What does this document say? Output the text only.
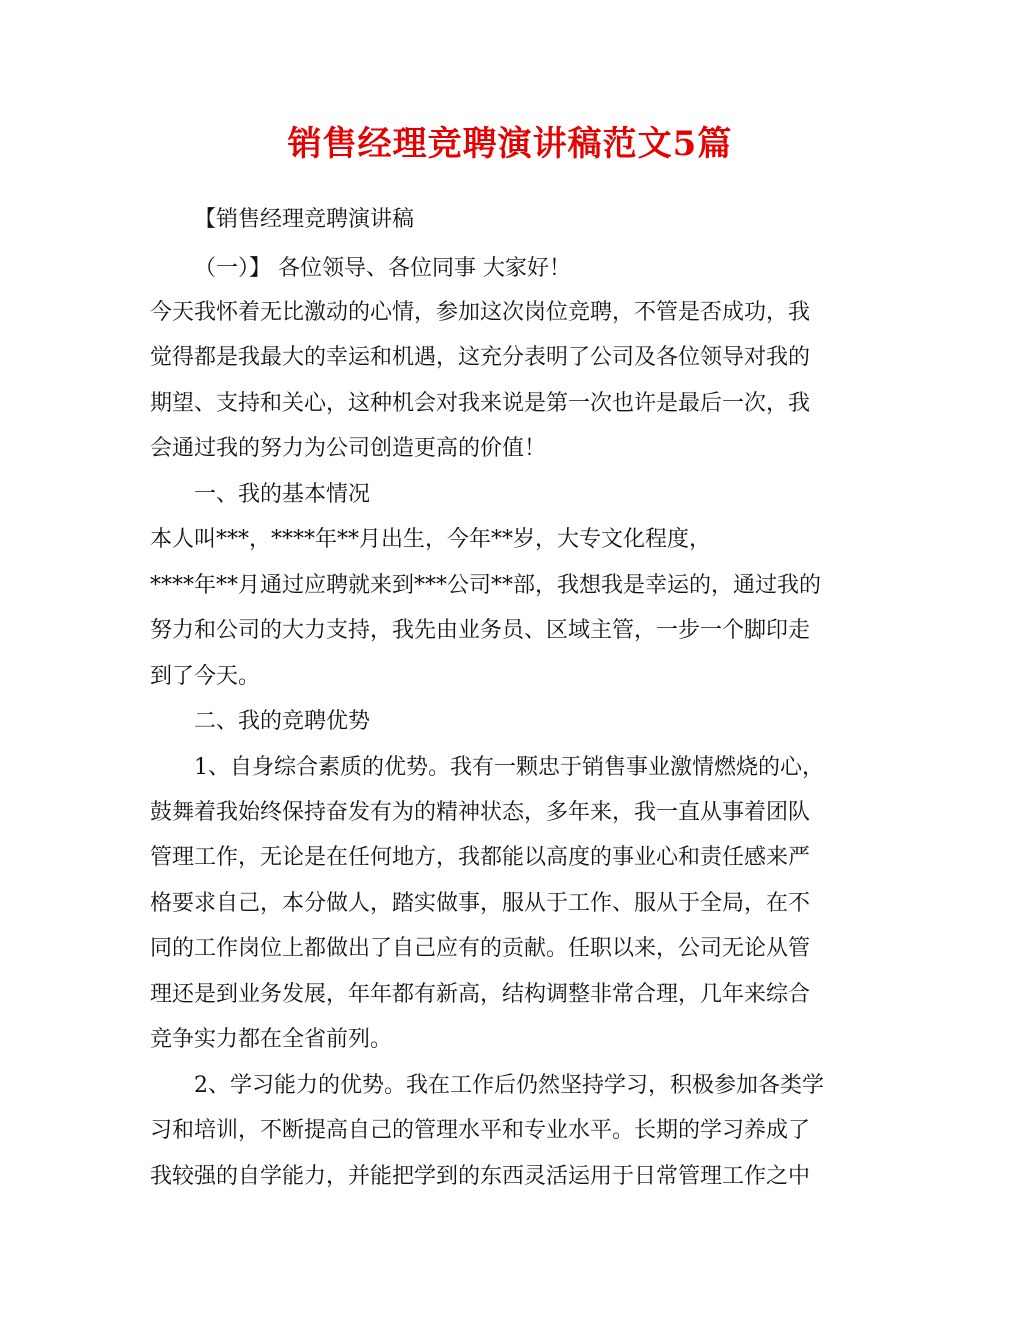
销售经理竞聘演讲稿范文5篇
【销售经理竞聘演讲稿
（一）】 各位领导、各位同事 大家好！
今天我怀着无比激动的心情，参加这次岗位竞聘，不管是否成功，我
觉得都是我最大的幸运和机遇，这充分表明了公司及各位领导对我的
期望、支持和关心，这种机会对我来说是第一次也许是最后一次，我
会通过我的努力为公司创造更高的价值！
一、我的基本情况
本人叫***，****年**月出生，今年**岁，大专文化程度，
****年**月通过应聘就来到***公司**部，我想我是幸运的，通过我的
努力和公司的大力支持，我先由业务员、区域主管，一步一个脚印走
到了今天。
二、我的竞聘优势
1、自身综合素质的优势。我有一颗忠于销售事业激情燃烧的心，
鼓舞着我始终保持奋发有为的精神状态，多年来，我一直从事着团队
管理工作，无论是在任何地方，我都能以高度的事业心和责任感来严
格要求自己，本分做人，踏实做事，服从于工作、服从于全局，在不
同的工作岗位上都做出了自己应有的贡献。任职以来，公司无论从管
理还是到业务发展，年年都有新高，结构调整非常合理，几年来综合
竞争实力都在全省前列。
2、学习能力的优势。我在工作后仍然坚持学习，积极参加各类学
习和培训，不断提高自己的管理水平和专业水平。长期的学习养成了
我较强的自学能力，并能把学到的东西灵活运用于日常管理工作之中
